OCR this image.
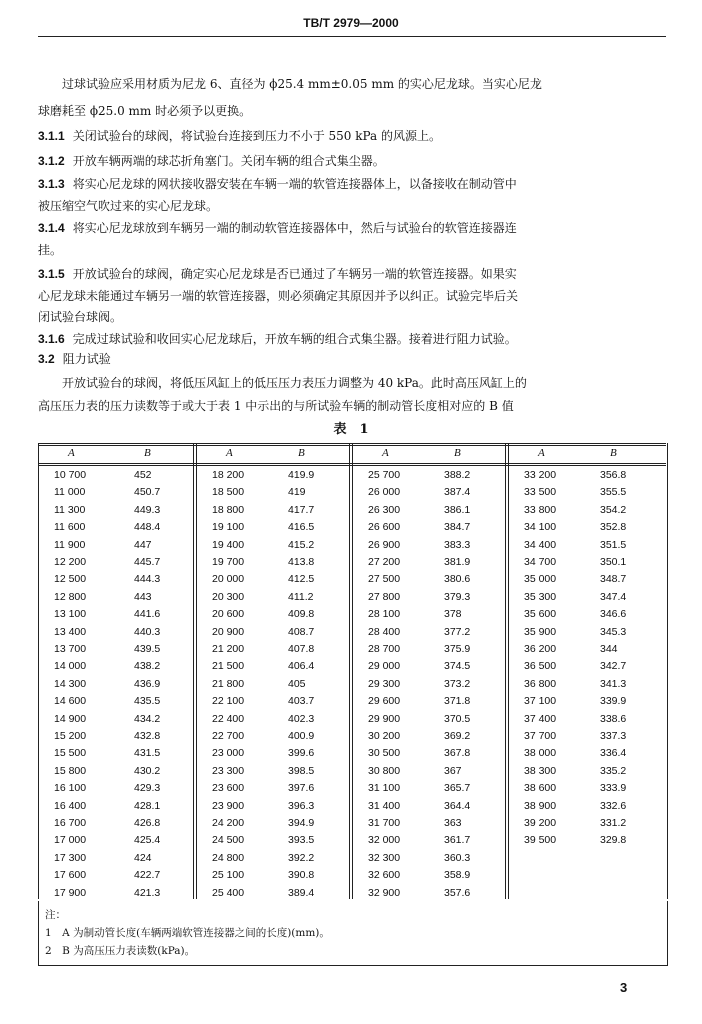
TB/T 2979—2000
　　过球试验应采用材质为尼龙 6、直径为 ϕ25.4 mm±0.05 mm 的实心尼龙球。当实心尼龙
球磨耗至 ϕ25.0 mm 时必须予以更换。
3.1.1 关闭试验台的球阀，将试验台连接到压力不小于 550 kPa 的风源上。
3.1.2 开放车辆两端的球芯折角塞门。关闭车辆的组合式集尘器。
3.1.3 将实心尼龙球的网状接收器安装在车辆一端的软管连接器体上，以备接收在制动管中
被压缩空气吹过来的实心尼龙球。
3.1.4 将实心尼龙球放到车辆另一端的制动软管连接器体中，然后与试验台的软管连接器连
挂。
3.1.5 开放试验台的球阀，确定实心尼龙球是否已通过了车辆另一端的软管连接器。如果实
心尼龙球未能通过车辆另一端的软管连接器，则必须确定其原因并予以纠正。试验完毕后关
闭试验台球阀。
3.1.6 完成过球试验和收回实心尼龙球后，开放车辆的组合式集尘器。接着进行阻力试验。
3.2 阻力试验
　　开放试验台的球阀，将低压风缸上的低压压力表压力调整为 40 kPa。此时高压风缸上的
高压压力表的压力读数等于或大于表 1 中示出的与所试验车辆的制动管长度相对应的 B 值
表　1
注：
1　A 为制动管长度(车辆两端软管连接器之间的长度)(mm)。
2　B 为高压压力表读数(kPa)。
A	B
10 700	452
11 000	450.7
11 300	449.3
11 600	448.4
11 900	447
12 200	445.7
12 500	444.3
12 800	443
13 100	441.6
13 400	440.3
13 700	439.5
14 000	438.2
14 300	436.9
14 600	435.5
14 900	434.2
15 200	432.8
15 500	431.5
15 800	430.2
16 100	429.3
16 400	428.1
16 700	426.8
17 000	425.4
17 300	424
17 600	422.7
17 900	421.3
A	B
18 200	419.9
18 500	419
18 800	417.7
19 100	416.5
19 400	415.2
19 700	413.8
20 000	412.5
20 300	411.2
20 600	409.8
20 900	408.7
21 200	407.8
21 500	406.4
21 800	405
22 100	403.7
22 400	402.3
22 700	400.9
23 000	399.6
23 300	398.5
23 600	397.6
23 900	396.3
24 200	394.9
24 500	393.5
24 800	392.2
25 100	390.8
25 400	389.4
A	B
25 700	388.2
26 000	387.4
26 300	386.1
26 600	384.7
26 900	383.3
27 200	381.9
27 500	380.6
27 800	379.3
28 100	378
28 400	377.2
28 700	375.9
29 000	374.5
29 300	373.2
29 600	371.8
29 900	370.5
30 200	369.2
30 500	367.8
30 800	367
31 100	365.7
31 400	364.4
31 700	363
32 000	361.7
32 300	360.3
32 600	358.9
32 900	357.6
A	B
33 200	356.8
33 500	355.5
33 800	354.2
34 100	352.8
34 400	351.5
34 700	350.1
35 000	348.7
35 300	347.4
35 600	346.6
35 900	345.3
36 200	344
36 500	342.7
36 800	341.3
37 100	339.9
37 400	338.6
37 700	337.3
38 000	336.4
38 300	335.2
38 600	333.9
38 900	332.6
39 200	331.2
39 500	329.8
3
